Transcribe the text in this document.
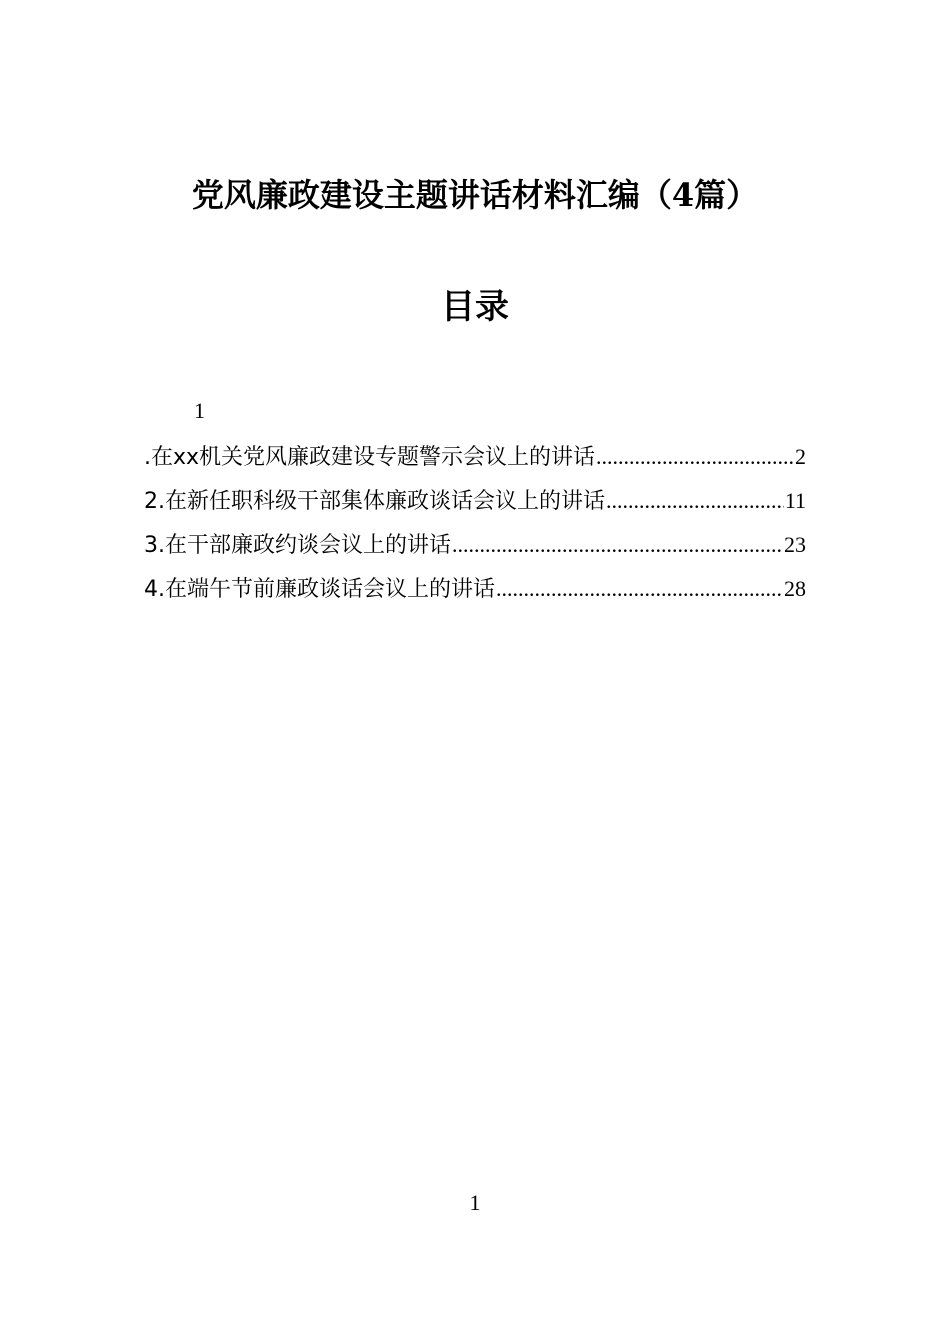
党风廉政建设主题讲话材料汇编（4篇）
目录
1
.在xx机关党风廉政建设专题警示会议上的讲话 .....	2
2.在新任职科级干部集体廉政谈话会议上的讲话 .....	11
3.在干部廉政约谈会议上的讲话 .....	23
4.在端午节前廉政谈话会议上的讲话 .....	28
1
